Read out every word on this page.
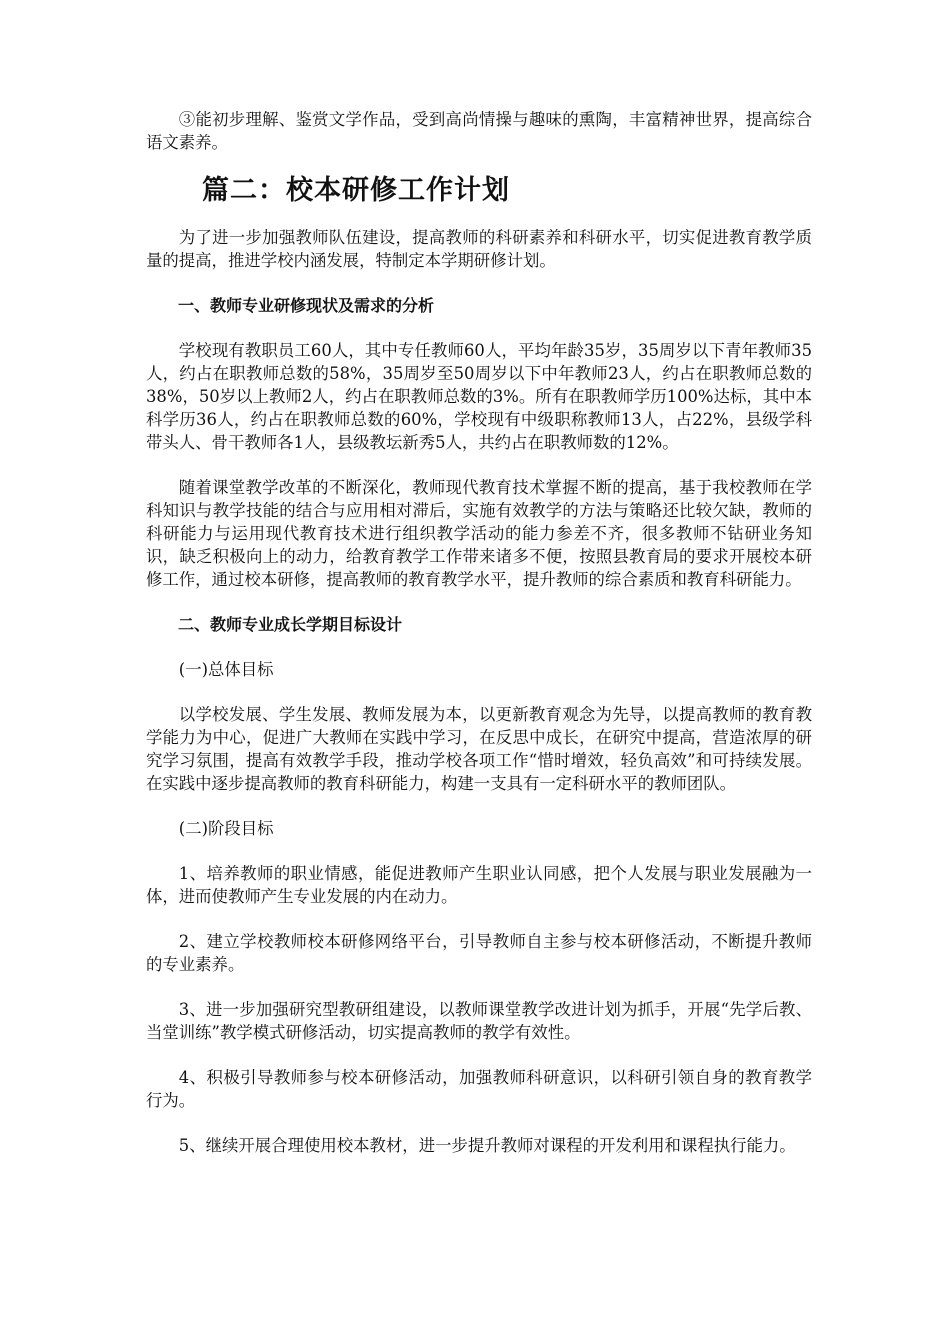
③能初步理解、鉴赏文学作品，受到高尚情操与趣味的熏陶，丰富精神世界，提高综合语文素养。

篇二：校本研修工作计划

为了进一步加强教师队伍建设，提高教师的科研素养和科研水平，切实促进教育教学质量的提高，推进学校内涵发展，特制定本学期研修计划。

一、教师专业研修现状及需求的分析

学校现有教职员工60人，其中专任教师60人，平均年龄35岁，35周岁以下青年教师35人，约占在职教师总数的58%，35周岁至50周岁以下中年教师23人，约占在职教师总数的38%，50岁以上教师2人，约占在职教师总数的3%。所有在职教师学历100%达标，其中本科学历36人，约占在职教师总数的60%，学校现有中级职称教师13人，占22%，县级学科带头人、骨干教师各1人，县级教坛新秀5人，共约占在职教师数的12%。

随着课堂教学改革的不断深化，教师现代教育技术掌握不断的提高，基于我校教师在学科知识与教学技能的结合与应用相对滞后，实施有效教学的方法与策略还比较欠缺，教师的科研能力与运用现代教育技术进行组织教学活动的能力参差不齐，很多教师不钻研业务知识，缺乏积极向上的动力，给教育教学工作带来诸多不便，按照县教育局的要求开展校本研修工作，通过校本研修，提高教师的教育教学水平，提升教师的综合素质和教育科研能力。

二、教师专业成长学期目标设计

(一)总体目标

以学校发展、学生发展、教师发展为本，以更新教育观念为先导，以提高教师的教育教学能力为中心，促进广大教师在实践中学习，在反思中成长，在研究中提高，营造浓厚的研究学习氛围，提高有效教学手段，推动学校各项工作“惜时增效，轻负高效”和可持续发展。在实践中逐步提高教师的教育科研能力，构建一支具有一定科研水平的教师团队。

(二)阶段目标

1、培养教师的职业情感，能促进教师产生职业认同感，把个人发展与职业发展融为一体，进而使教师产生专业发展的内在动力。

2、建立学校教师校本研修网络平台，引导教师自主参与校本研修活动，不断提升教师的专业素养。

3、进一步加强研究型教研组建设，以教师课堂教学改进计划为抓手，开展“先学后教、当堂训练”教学模式研修活动，切实提高教师的教学有效性。

4、积极引导教师参与校本研修活动，加强教师科研意识，以科研引领自身的教育教学行为。

5、继续开展合理使用校本教材，进一步提升教师对课程的开发利用和课程执行能力。
